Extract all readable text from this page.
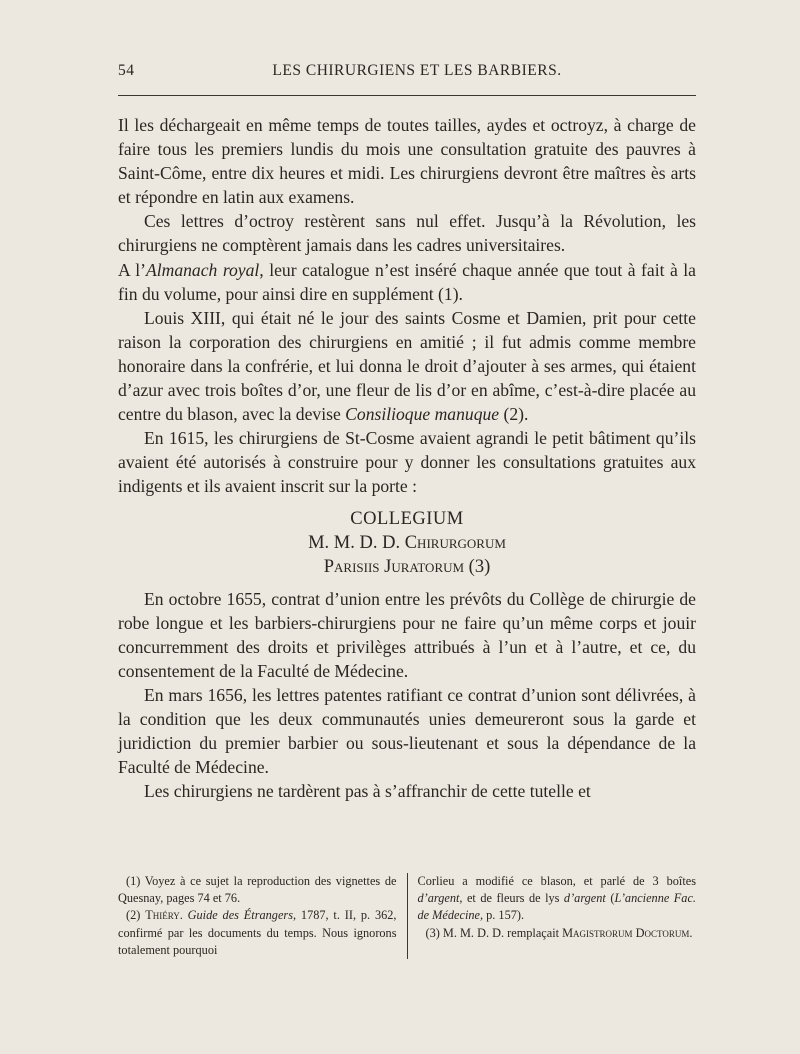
54	LES CHIRURGIENS ET LES BARBIERS.

Il les déchargeait en même temps de toutes tailles, aydes et octroyz, à charge de faire tous les premiers lundis du mois une consultation gratuite des pauvres à Saint-Côme, entre dix heures et midi. Les chirurgiens devront être maîtres ès arts et répondre en latin aux examens.

Ces lettres d’octroy restèrent sans nul effet. Jusqu’à la Révolution, les chirurgiens ne comptèrent jamais dans les cadres universitaires.

A l’Almanach royal, leur catalogue n’est inséré chaque année que tout à fait à la fin du volume, pour ainsi dire en supplément (1).

Louis XIII, qui était né le jour des saints Cosme et Damien, prit pour cette raison la corporation des chirurgiens en amitié ; il fut admis comme membre honoraire dans la confrérie, et lui donna le droit d’ajouter à ses armes, qui étaient d’azur avec trois boîtes d’or, une fleur de lis d’or en abîme, c’est-à-dire placée au centre du blason, avec la devise Consilioque manuque (2).

En 1615, les chirurgiens de St-Cosme avaient agrandi le petit bâtiment qu’ils avaient été autorisés à construire pour y donner les consultations gratuites aux indigents et ils avaient inscrit sur la porte :

COLLEGIUM
M. M. D. D. Chirurgorum
Parisiis Juratorum (3)

En octobre 1655, contrat d’union entre les prévôts du Collège de chirurgie de robe longue et les barbiers-chirurgiens pour ne faire qu’un même corps et jouir concurremment des droits et privilèges attribués à l’un et à l’autre, et ce, du consentement de la Faculté de Médecine.

En mars 1656, les lettres patentes ratifiant ce contrat d’union sont délivrées, à la condition que les deux communautés unies demeureront sous la garde et juridiction du premier barbier ou sous-lieutenant et sous la dépendance de la Faculté de Médecine.

Les chirurgiens ne tardèrent pas à s’affranchir de cette tutelle et

(1) Voyez à ce sujet la reproduction des vignettes de Quesnay, pages 74 et 76.

(2) Thiéry. Guide des Étrangers, 1787, t. II, p. 362, confirmé par les documents du temps. Nous ignorons totalement pourquoi

Corlieu a modifié ce blason, et parlé de 3 boîtes d’argent, et de fleurs de lys d’argent (L’ancienne Fac. de Médecine, p. 157).

(3) M. M. D. D. remplaçait Magistrorum Doctorum.
